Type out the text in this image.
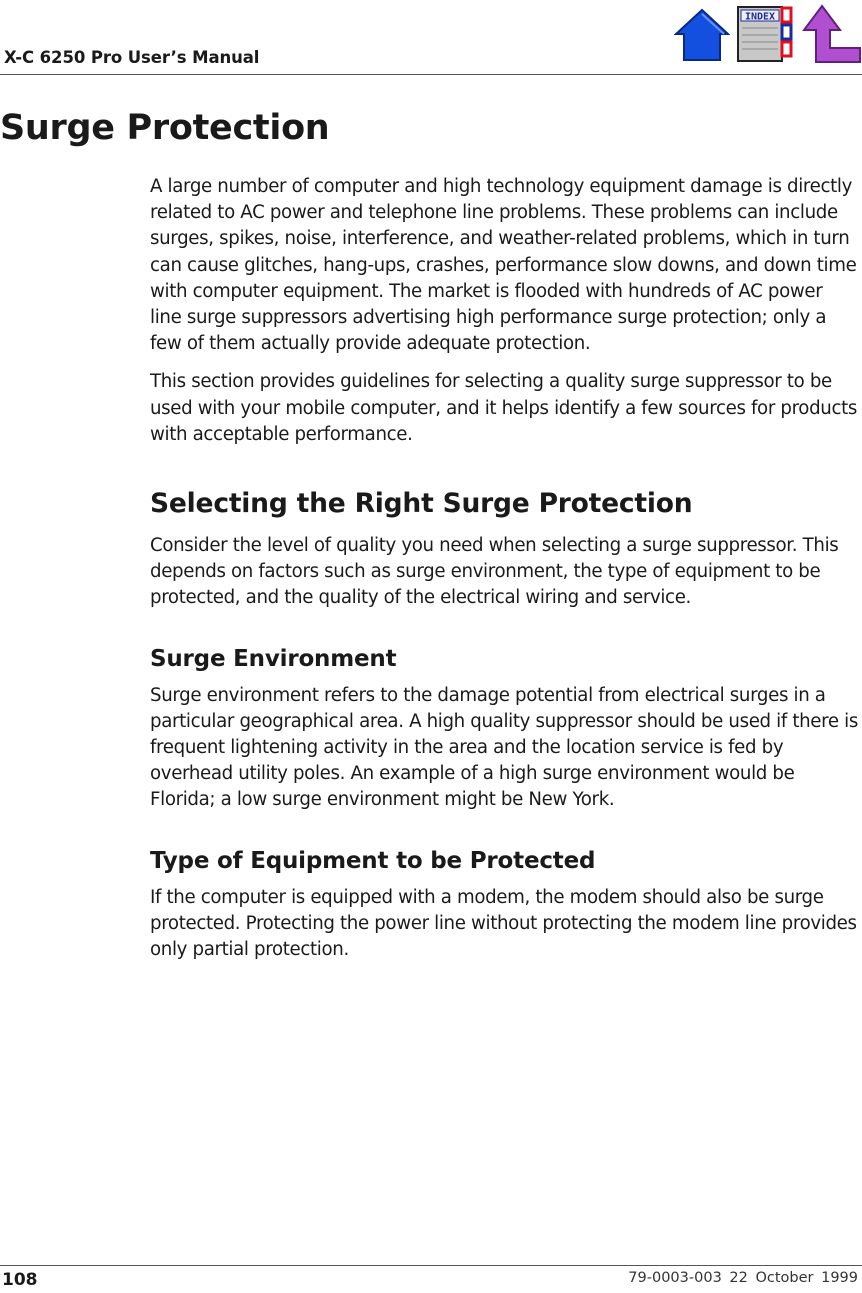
X-C 6250 Pro User’s Manual
INDEX
Surge Protection

A large number of computer and high technology equipment damage is directly related to AC power and telephone line problems. These problems can include surges, spikes, noise, interference, and weather-related problems, which in turn can cause glitches, hang-ups, crashes, performance slow downs, and down time with computer equipment. The market is flooded with hundreds of AC power line surge suppressors advertising high performance surge protection; only a few of them actually provide adequate protection.

This section provides guidelines for selecting a quality surge suppressor to be used with your mobile computer, and it helps identify a few sources for products with acceptable performance.

Selecting the Right Surge Protection

Consider the level of quality you need when selecting a surge suppressor. This depends on factors such as surge environment, the type of equipment to be protected, and the quality of the electrical wiring and service.

Surge Environment

Surge environment refers to the damage potential from electrical surges in a particular geographical area. A high quality suppressor should be used if there is frequent lightening activity in the area and the location service is fed by overhead utility poles. An example of a high surge environment would be Florida; a low surge environment might be New York.

Type of Equipment to be Protected

If the computer is equipped with a modem, the modem should also be surge protected. Protecting the power line without protecting the modem line provides only partial protection.

108	79-0003-003 22 October 1999
